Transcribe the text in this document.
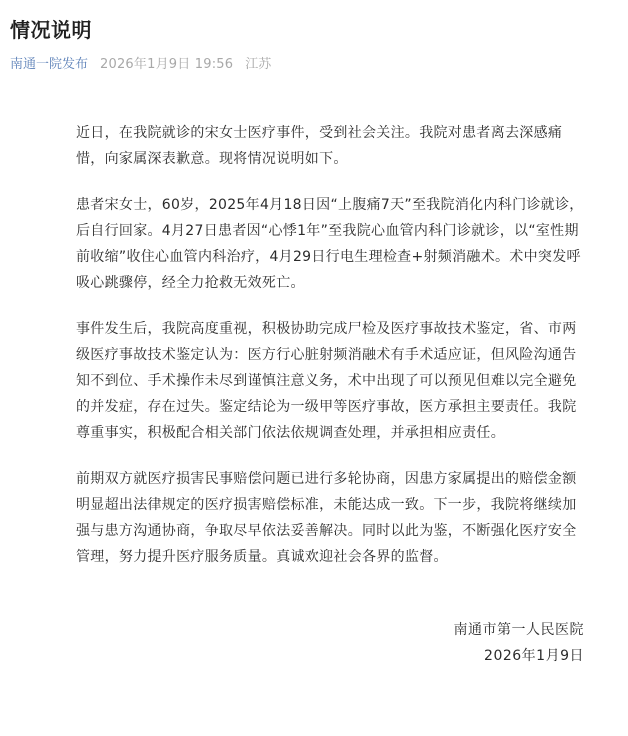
情况说明
南通一院发布 2026年1月9日 19:56 江苏

近日，在我院就诊的宋女士医疗事件，受到社会关注。我院对患者离去深感痛惜，向家属深表歉意。现将情况说明如下。

患者宋女士，60岁，2025年4月18日因“上腹痛7天”至我院消化内科门诊就诊，后自行回家。4月27日患者因“心悸1年”至我院心血管内科门诊就诊，以“室性期前收缩”收住心血管内科治疗，4月29日行电生理检查+射频消融术。术中突发呼吸心跳骤停，经全力抢救无效死亡。

事件发生后，我院高度重视，积极协助完成尸检及医疗事故技术鉴定，省、市两级医疗事故技术鉴定认为：医方行心脏射频消融术有手术适应证，但风险沟通告知不到位、手术操作未尽到谨慎注意义务，术中出现了可以预见但难以完全避免的并发症，存在过失。鉴定结论为一级甲等医疗事故，医方承担主要责任。我院尊重事实，积极配合相关部门依法依规调查处理，并承担相应责任。

前期双方就医疗损害民事赔偿问题已进行多轮协商，因患方家属提出的赔偿金额明显超出法律规定的医疗损害赔偿标准，未能达成一致。下一步，我院将继续加强与患方沟通协商，争取尽早依法妥善解决。同时以此为鉴，不断强化医疗安全管理，努力提升医疗服务质量。真诚欢迎社会各界的监督。

南通市第一人民医院
2026年1月9日
